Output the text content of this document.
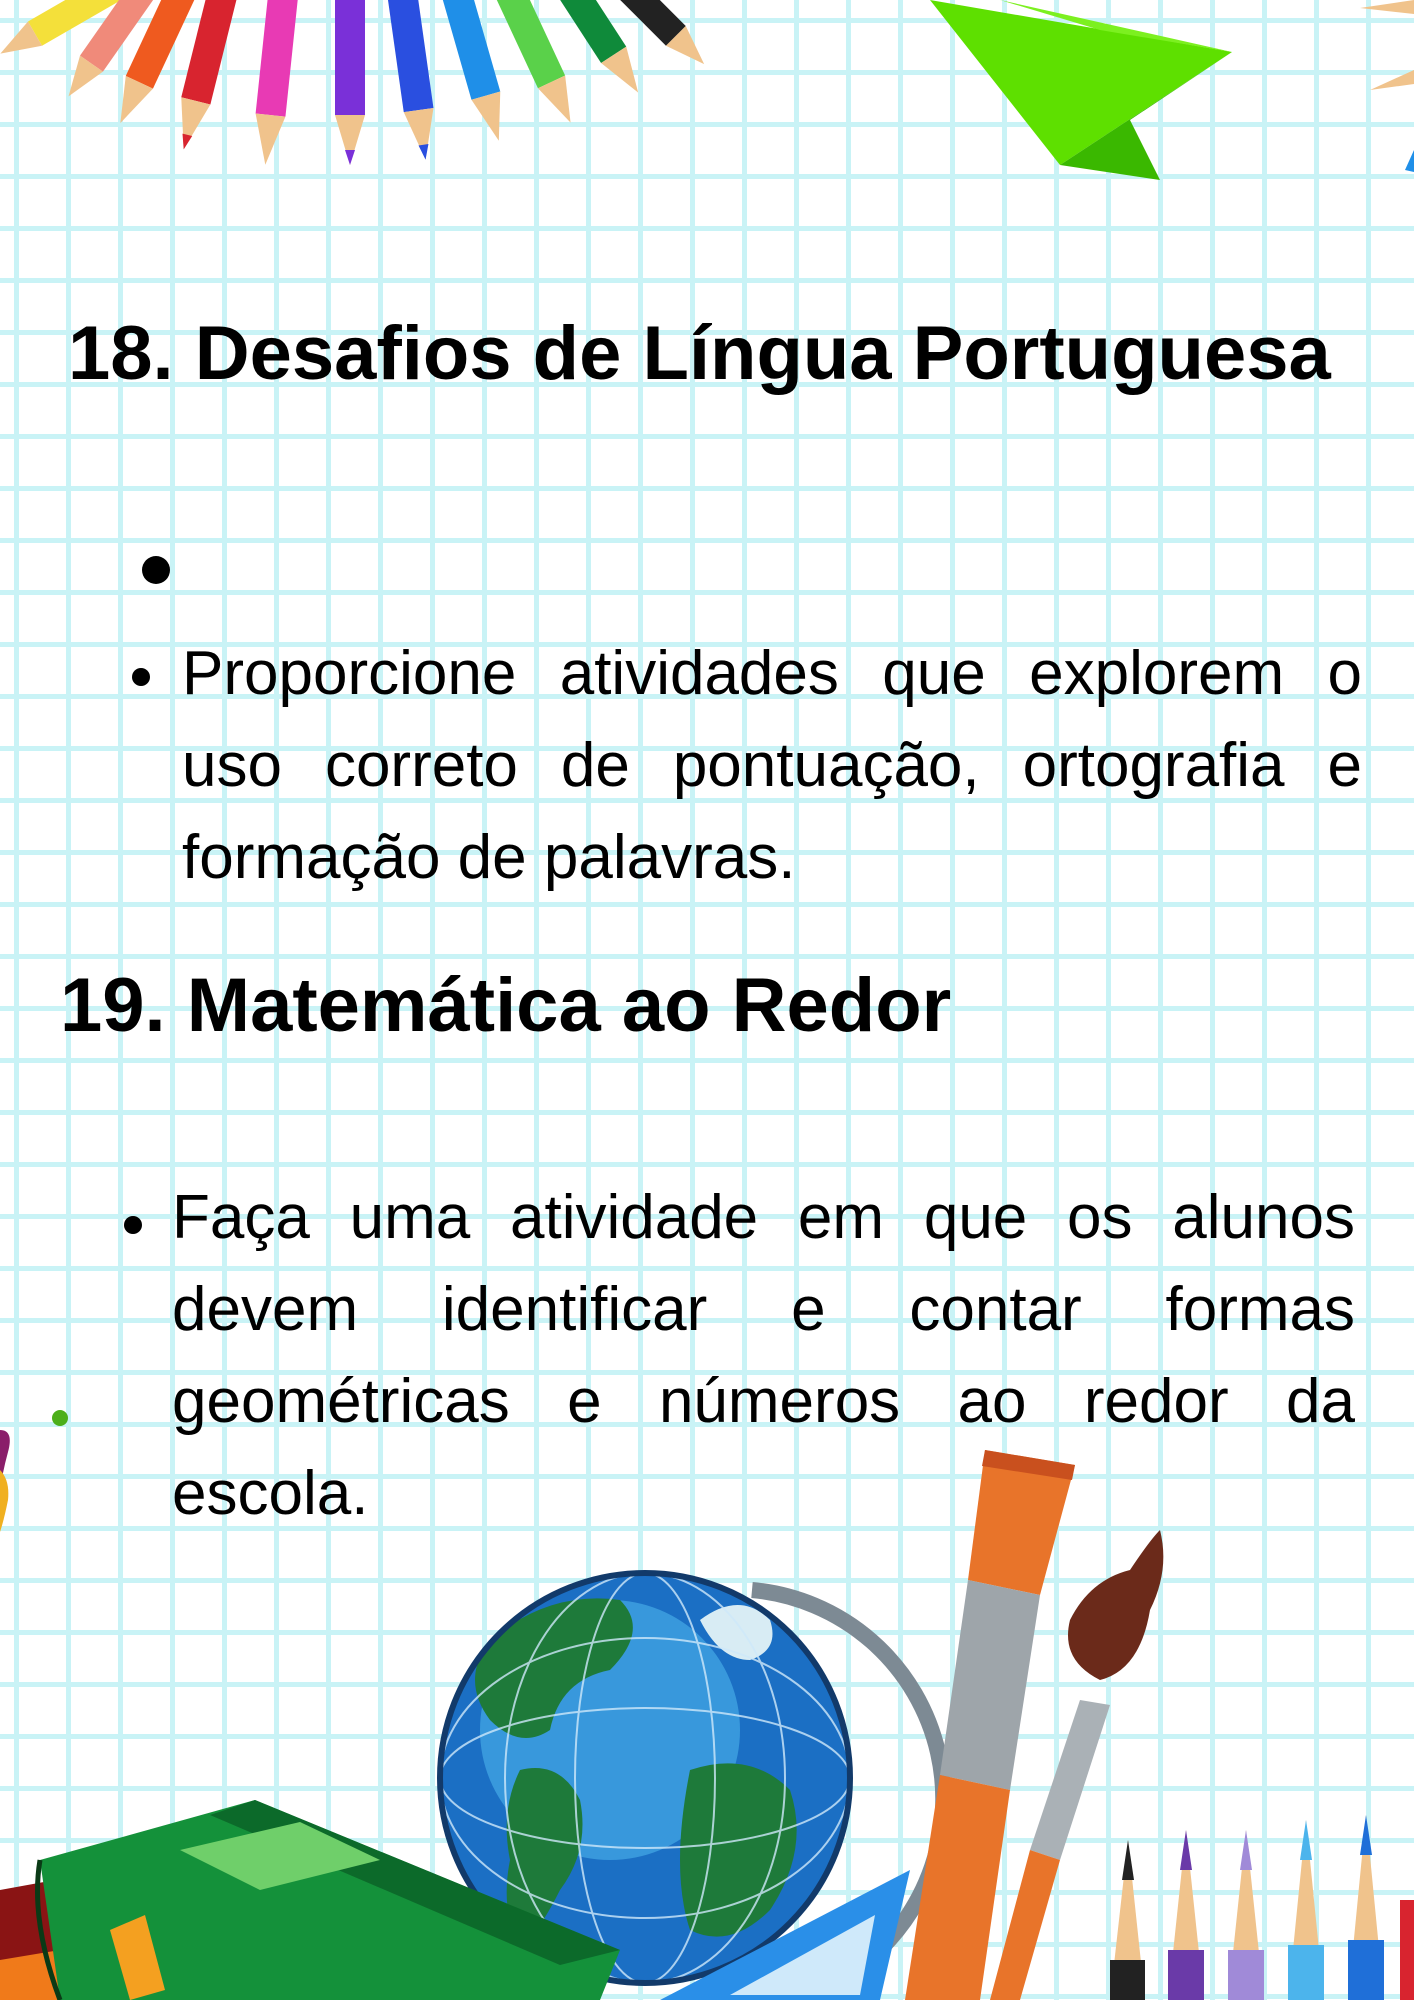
18. Desafios de Língua Portuguesa
Proporcione atividades que explorem o uso correto de pontuação, ortografia e formação de palavras.
19. Matemática ao Redor
Faça uma atividade em que os alunos devem identificar e contar formas geométricas e números ao redor da escola.
